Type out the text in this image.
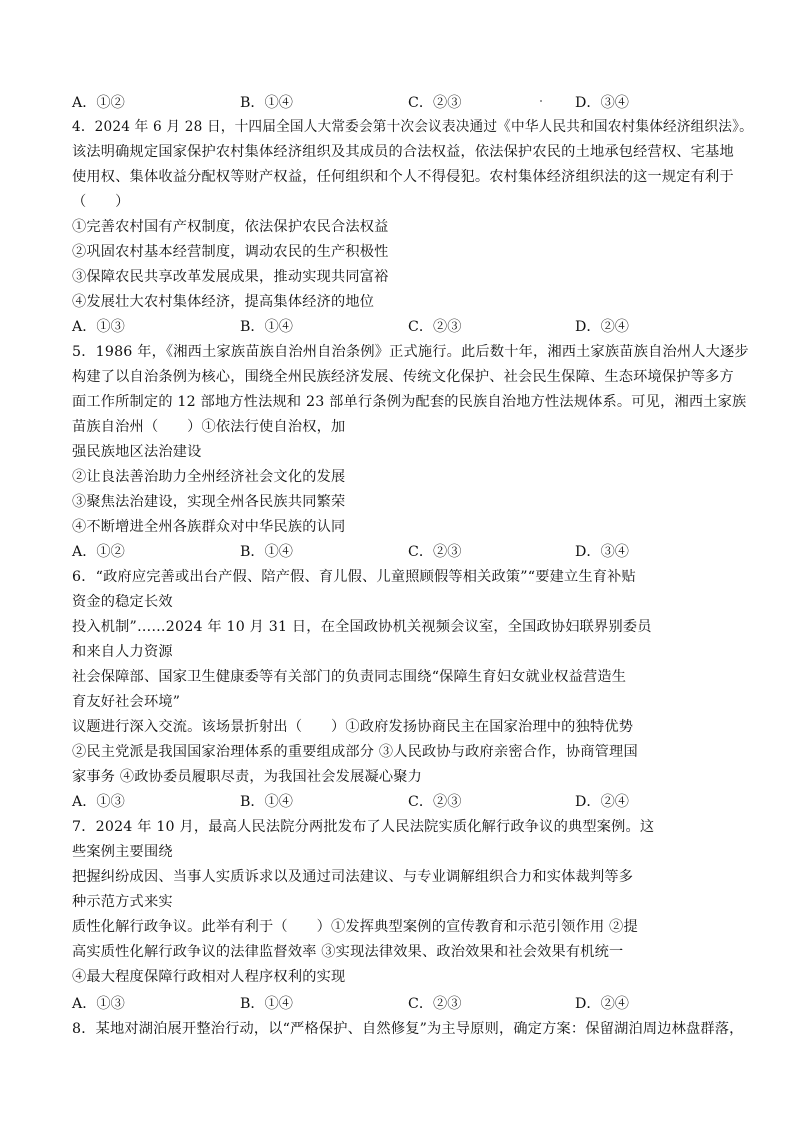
A．①②	B．①④	C．②③	D．③④
4．2024 年 6 月 28 日，十四届全国人大常委会第十次会议表决通过《中华人民共和国农村集体经济组织法》。
该法明确规定国家保护农村集体经济组织及其成员的合法权益，依法保护农民的土地承包经营权、宅基地
使用权、集体收益分配权等财产权益，任何组织和个人不得侵犯。农村集体经济组织法的这一规定有利于
（　　）
①完善农村国有产权制度，依法保护农民合法权益
②巩固农村基本经营制度，调动农民的生产积极性
③保障农民共享改革发展成果，推动实现共同富裕
④发展壮大农村集体经济，提高集体经济的地位
A．①③	B．①④	C．②③	D．②④
5．1986 年，《湘西土家族苗族自治州自治条例》正式施行。此后数十年，湘西土家族苗族自治州人大逐步
构建了以自治条例为核心，围绕全州民族经济发展、传统文化保护、社会民生保障、生态环境保护等多方
面工作所制定的 12 部地方性法规和 23 部单行条例为配套的民族自治地方性法规体系。可见，湘西土家族
苗族自治州（　　）①依法行使自治权，加
强民族地区法治建设
②让良法善治助力全州经济社会文化的发展
③聚焦法治建设，实现全州各民族共同繁荣
④不断增进全州各族群众对中华民族的认同
A．①②	B．①④	C．②③	D．③④
6．“政府应完善或出台产假、陪产假、育儿假、儿童照顾假等相关政策”“要建立生育补贴
资金的稳定长效
投入机制”……2024 年 10 月 31 日，在全国政协机关视频会议室，全国政协妇联界别委员
和来自人力资源
社会保障部、国家卫生健康委等有关部门的负责同志围绕“保障生育妇女就业权益营造生
育友好社会环境”
议题进行深入交流。该场景折射出（　　）①政府发扬协商民主在国家治理中的独特优势
②民主党派是我国国家治理体系的重要组成部分 ③人民政协与政府亲密合作，协商管理国
家事务 ④政协委员履职尽责，为我国社会发展凝心聚力
A．①③	B．①④	C．②③	D．②④
7．2024 年 10 月，最高人民法院分两批发布了人民法院实质化解行政争议的典型案例。这
些案例主要围绕
把握纠纷成因、当事人实质诉求以及通过司法建议、与专业调解组织合力和实体裁判等多
种示范方式来实
质性化解行政争议。此举有利于（　　）①发挥典型案例的宣传教育和示范引领作用 ②提
高实质性化解行政争议的法律监督效率 ③实现法律效果、政治效果和社会效果有机统一
④最大程度保障行政相对人程序权利的实现
A．①③	B．①④	C．②③	D．②④
8．某地对湖泊展开整治行动，以“严格保护、自然修复”为主导原则，确定方案：保留湖泊周边林盘群落，
